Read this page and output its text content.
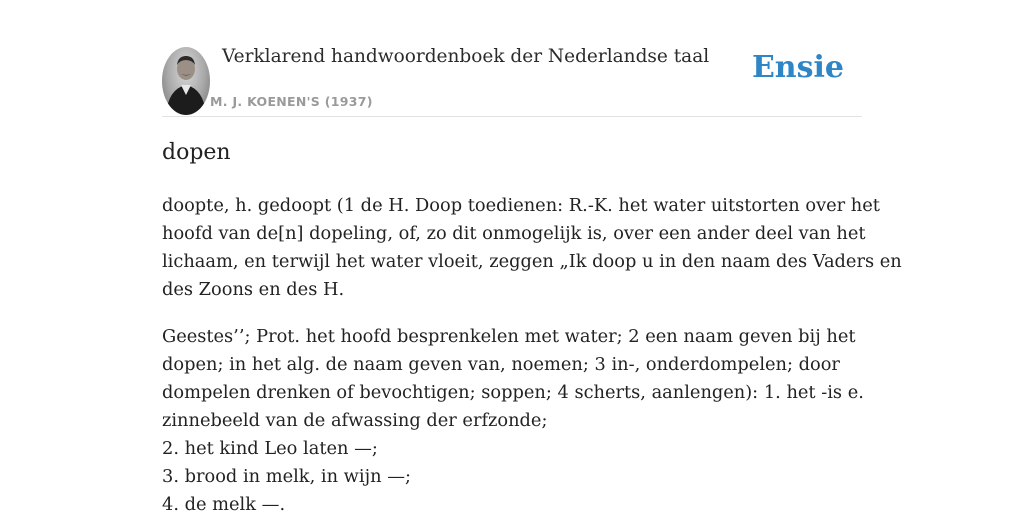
Verklarend handwoordenboek der Nederlandse taal
M. J. KOENEN'S (1937)
Ensie
dopen

doopte, h. gedoopt (1 de H. Doop toedienen: R.-K. het water uitstorten over het
hoofd van de[n] dopeling, of, zo dit onmogelijk is, over een ander deel van het
lichaam, en terwijl het water vloeit, zeggen „Ik doop u in den naam des Vaders en
des Zoons en des H.

Geestes’’; Prot. het hoofd besprenkelen met water; 2 een naam geven bij het
dopen; in het alg. de naam geven van, noemen; 3 in-, onderdompelen; door
dompelen drenken of bevochtigen; soppen; 4 scherts, aanlengen): 1. het -is e.
zinnebeeld van de afwassing der erfzonde;
2. het kind Leo laten —;
3. brood in melk, in wijn —;
4. de melk —.
